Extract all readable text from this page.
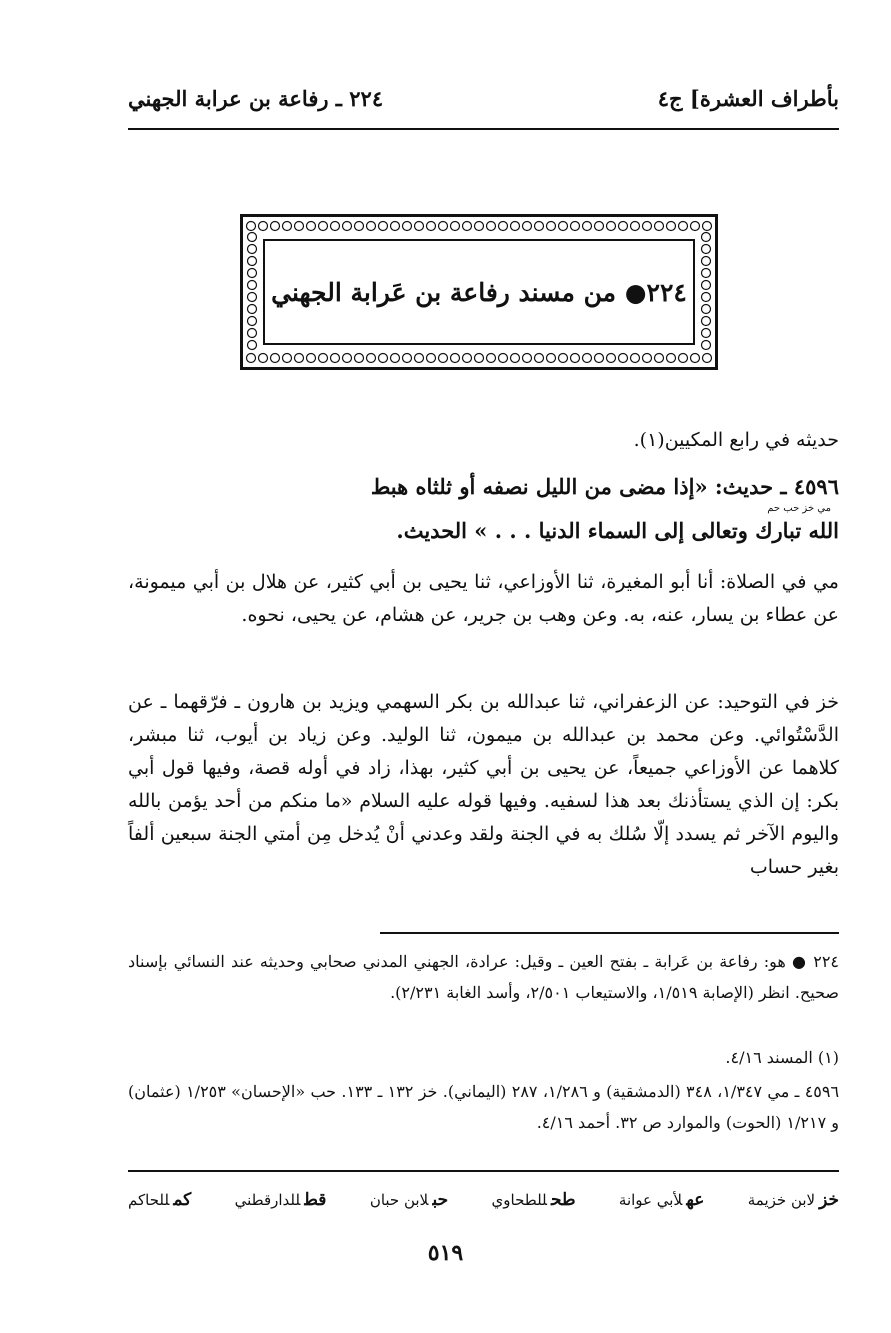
بأطراف العشرة] ج٤
٢٢٤ ـ رفاعة بن عرابة الجهني
٢٢٤● من مسند رفاعة بن عَرابة الجهني
حديثه في رابع المكيين(١).
٤٥٩٦ ـ حديث: «إذا مضى من الليل نصفه أو ثلثاه هبط
مي خز حب حم
الله تبارك وتعالى إلى السماء الدنيا . . . » الحديث.
مي في الصلاة: أنا أبو المغيرة، ثنا الأوزاعي، ثنا يحيى بن أبي كثير، عن هلال بن أبي ميمونة، عن عطاء بن يسار، عنه، به. وعن وهب بن جرير، عن هشام، عن يحيى، نحوه.
خز في التوحيد: عن الزعفراني، ثنا عبدالله بن بكر السهمي ويزيد بن هارون ـ فرّقهما ـ عن الدَّسْتُوائي. وعن محمد بن عبدالله بن ميمون، ثنا الوليد. وعن زياد بن أيوب، ثنا مبشر، كلاهما عن الأوزاعي جميعاً، عن يحيى بن أبي كثير، بهذا، زاد في أوله قصة، وفيها قول أبي بكر: إن الذي يستأذنك بعد هذا لسفيه. وفيها قوله عليه السلام «ما منكم من أحد يؤمن بالله واليوم الآخر ثم يسدد إلّا سُلك به في الجنة ولقد وعدني أنْ يُدخل مِن أمتي الجنة سبعين ألفاً بغير حساب
٢٢٤ ● هو: رفاعة بن عَرابة ـ بفتح العين ـ وقيل: عرادة، الجهني المدني صحابي وحديثه عند النسائي بإسناد صحيح. انظر (الإصابة ١/٥١٩، والاستيعاب ٢/٥٠١، وأسد الغابة ٢/٢٣١).
(١) المسند ٤/١٦.
٤٥٩٦ ـ مي ١/٣٤٧، ٣٤٨ (الدمشقية) و ١/٢٨٦، ٢٨٧ (اليماني). خز ١٣٢ ـ ١٣٣. حب «الإحسان» ١/٢٥٣ (عثمان) و ١/٢١٧ (الحوت) والموارد ص ٣٢. أحمد ٤/١٦.
خزلابن خزيمة
عهلأبي عوانة
طحللطحاوي
حبلابن حبان
قطللدارقطني
كمللحاكم
٥١٩
